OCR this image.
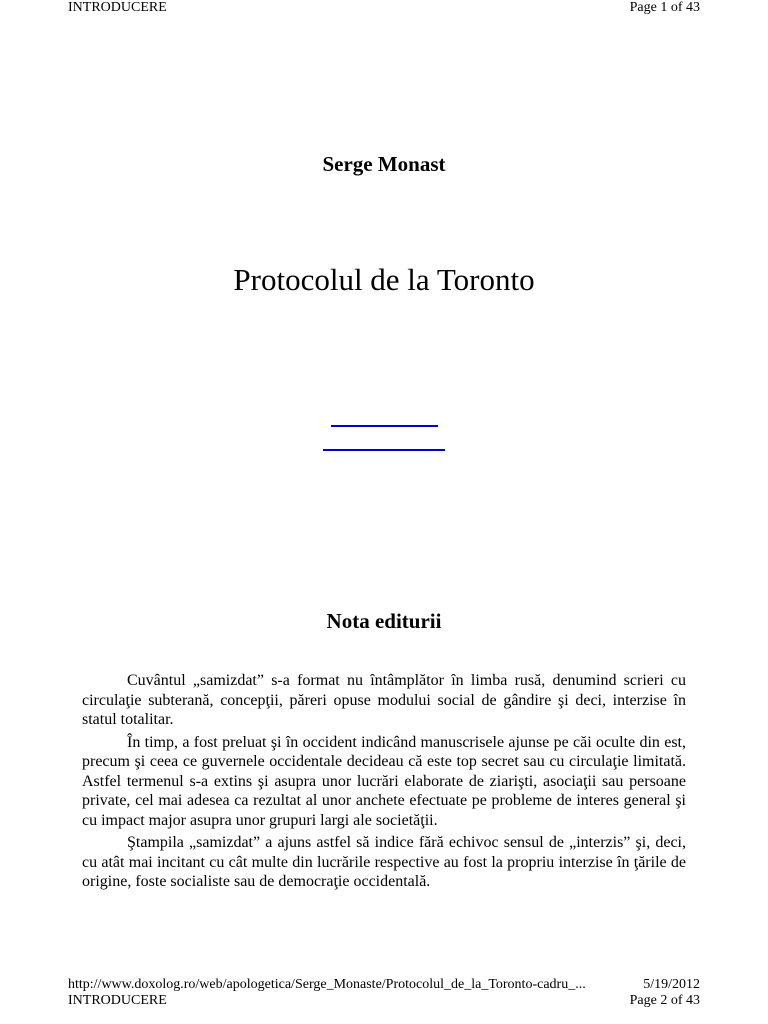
INTRODUCERE	Page 1 of 43
Serge Monast
Protocolul de la Toronto
Nota editurii

Cuvântul „samizdat” s-a format nu întâmplător în limba rusă, denumind scrieri cu circulaţie subterană, concepţii, păreri opuse modului social de gândire şi deci, interzise în statul totalitar.

În timp, a fost preluat şi în occident indicând manuscrisele ajunse pe căi oculte din est, precum şi ceea ce guvernele occidentale decideau că este top secret sau cu circulaţie limitată. Astfel termenul s-a extins şi asupra unor lucrări elaborate de ziarişti, asociaţii sau persoane private, cel mai adesea ca rezultat al unor anchete efectuate pe probleme de interes general şi cu impact major asupra unor grupuri largi ale societăţii.

Ştampila „samizdat” a ajuns astfel să indice fără echivoc sensul de „interzis” şi, deci, cu atât mai incitant cu cât multe din lucrările respective au fost la propriu interzise în ţările de origine, foste socialiste sau de democraţie occidentală.

http://www.doxolog.ro/web/apologetica/Serge_Monaste/Protocolul_de_la_Toronto-cadru_...	5/19/2012
INTRODUCERE	Page 2 of 43
